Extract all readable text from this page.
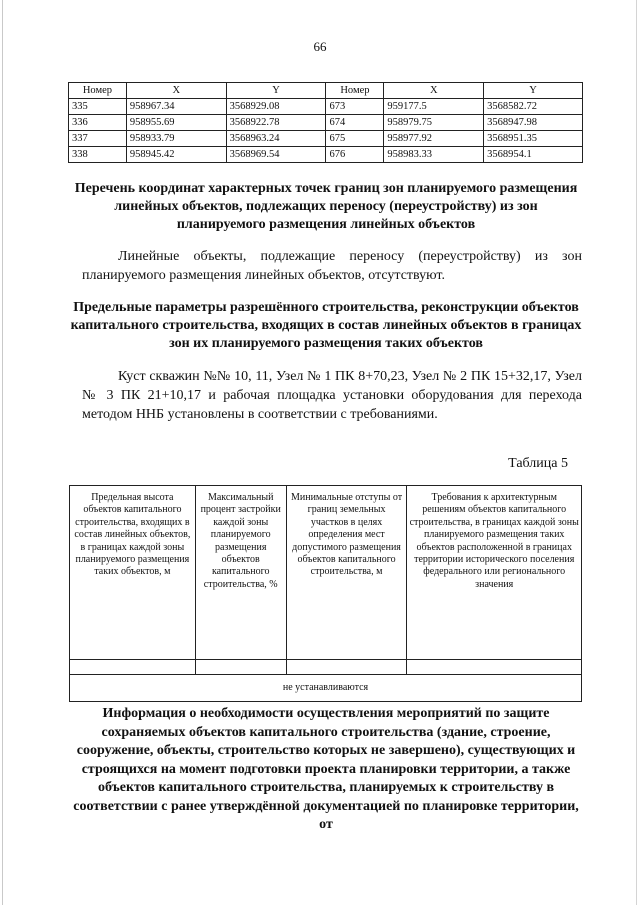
66
Номер	X	Y	Номер	X	Y
335	958967.34	3568929.08	673	959177.5	3568582.72
336	958955.69	3568922.78	674	958979.75	3568947.98
337	958933.79	3568963.24	675	958977.92	3568951.35
338	958945.42	3568969.54	676	958983.33	3568954.1
Перечень координат характерных точек границ зон планируемого размещения линейных объектов, подлежащих переносу (переустройству) из зон планируемого размещения линейных объектов

Линейные объекты, подлежащие переносу (переустройству) из зон планируемого размещения линейных объектов, отсутствуют.

Предельные параметры разрешённого строительства, реконструкции объектов капитального строительства, входящих в состав линейных объектов в границах зон их планируемого размещения таких объектов

Куст скважин №№ 10, 11, Узел № 1 ПК 8+70,23, Узел № 2 ПК 15+32,17, Узел № 3 ПК 21+10,17 и рабочая площадка установки оборудования для перехода методом ННБ установлены в соответствии с требованиями.

Таблица 5
Предельная высота объектов капитального строительства, входящих в состав линейных объектов, в границах каждой зоны планируемого размещения таких объектов, м	Максимальный процент застройки каждой зоны планируемого размещения объектов капитального строительства, %	Минимальные отступы от границ земельных участков в целях определения мест допустимого размещения объектов капитального строительства, м	Требования к архитектурным решениям объектов капитального строительства, в границах каждой зоны планируемого размещения таких объектов расположенной в границах территории исторического поселения федерального или регионального значения

не устанавливаются			
Информация о необходимости осуществления мероприятий по защите сохраняемых объектов капитального строительства (здание, строение, сооружение, объекты, строительство которых не завершено), существующих и строящихся на момент подготовки проекта планировки территории, а также объектов капитального строительства, планируемых к строительству в соответствии с ранее утверждённой документацией по планировке территории, от
